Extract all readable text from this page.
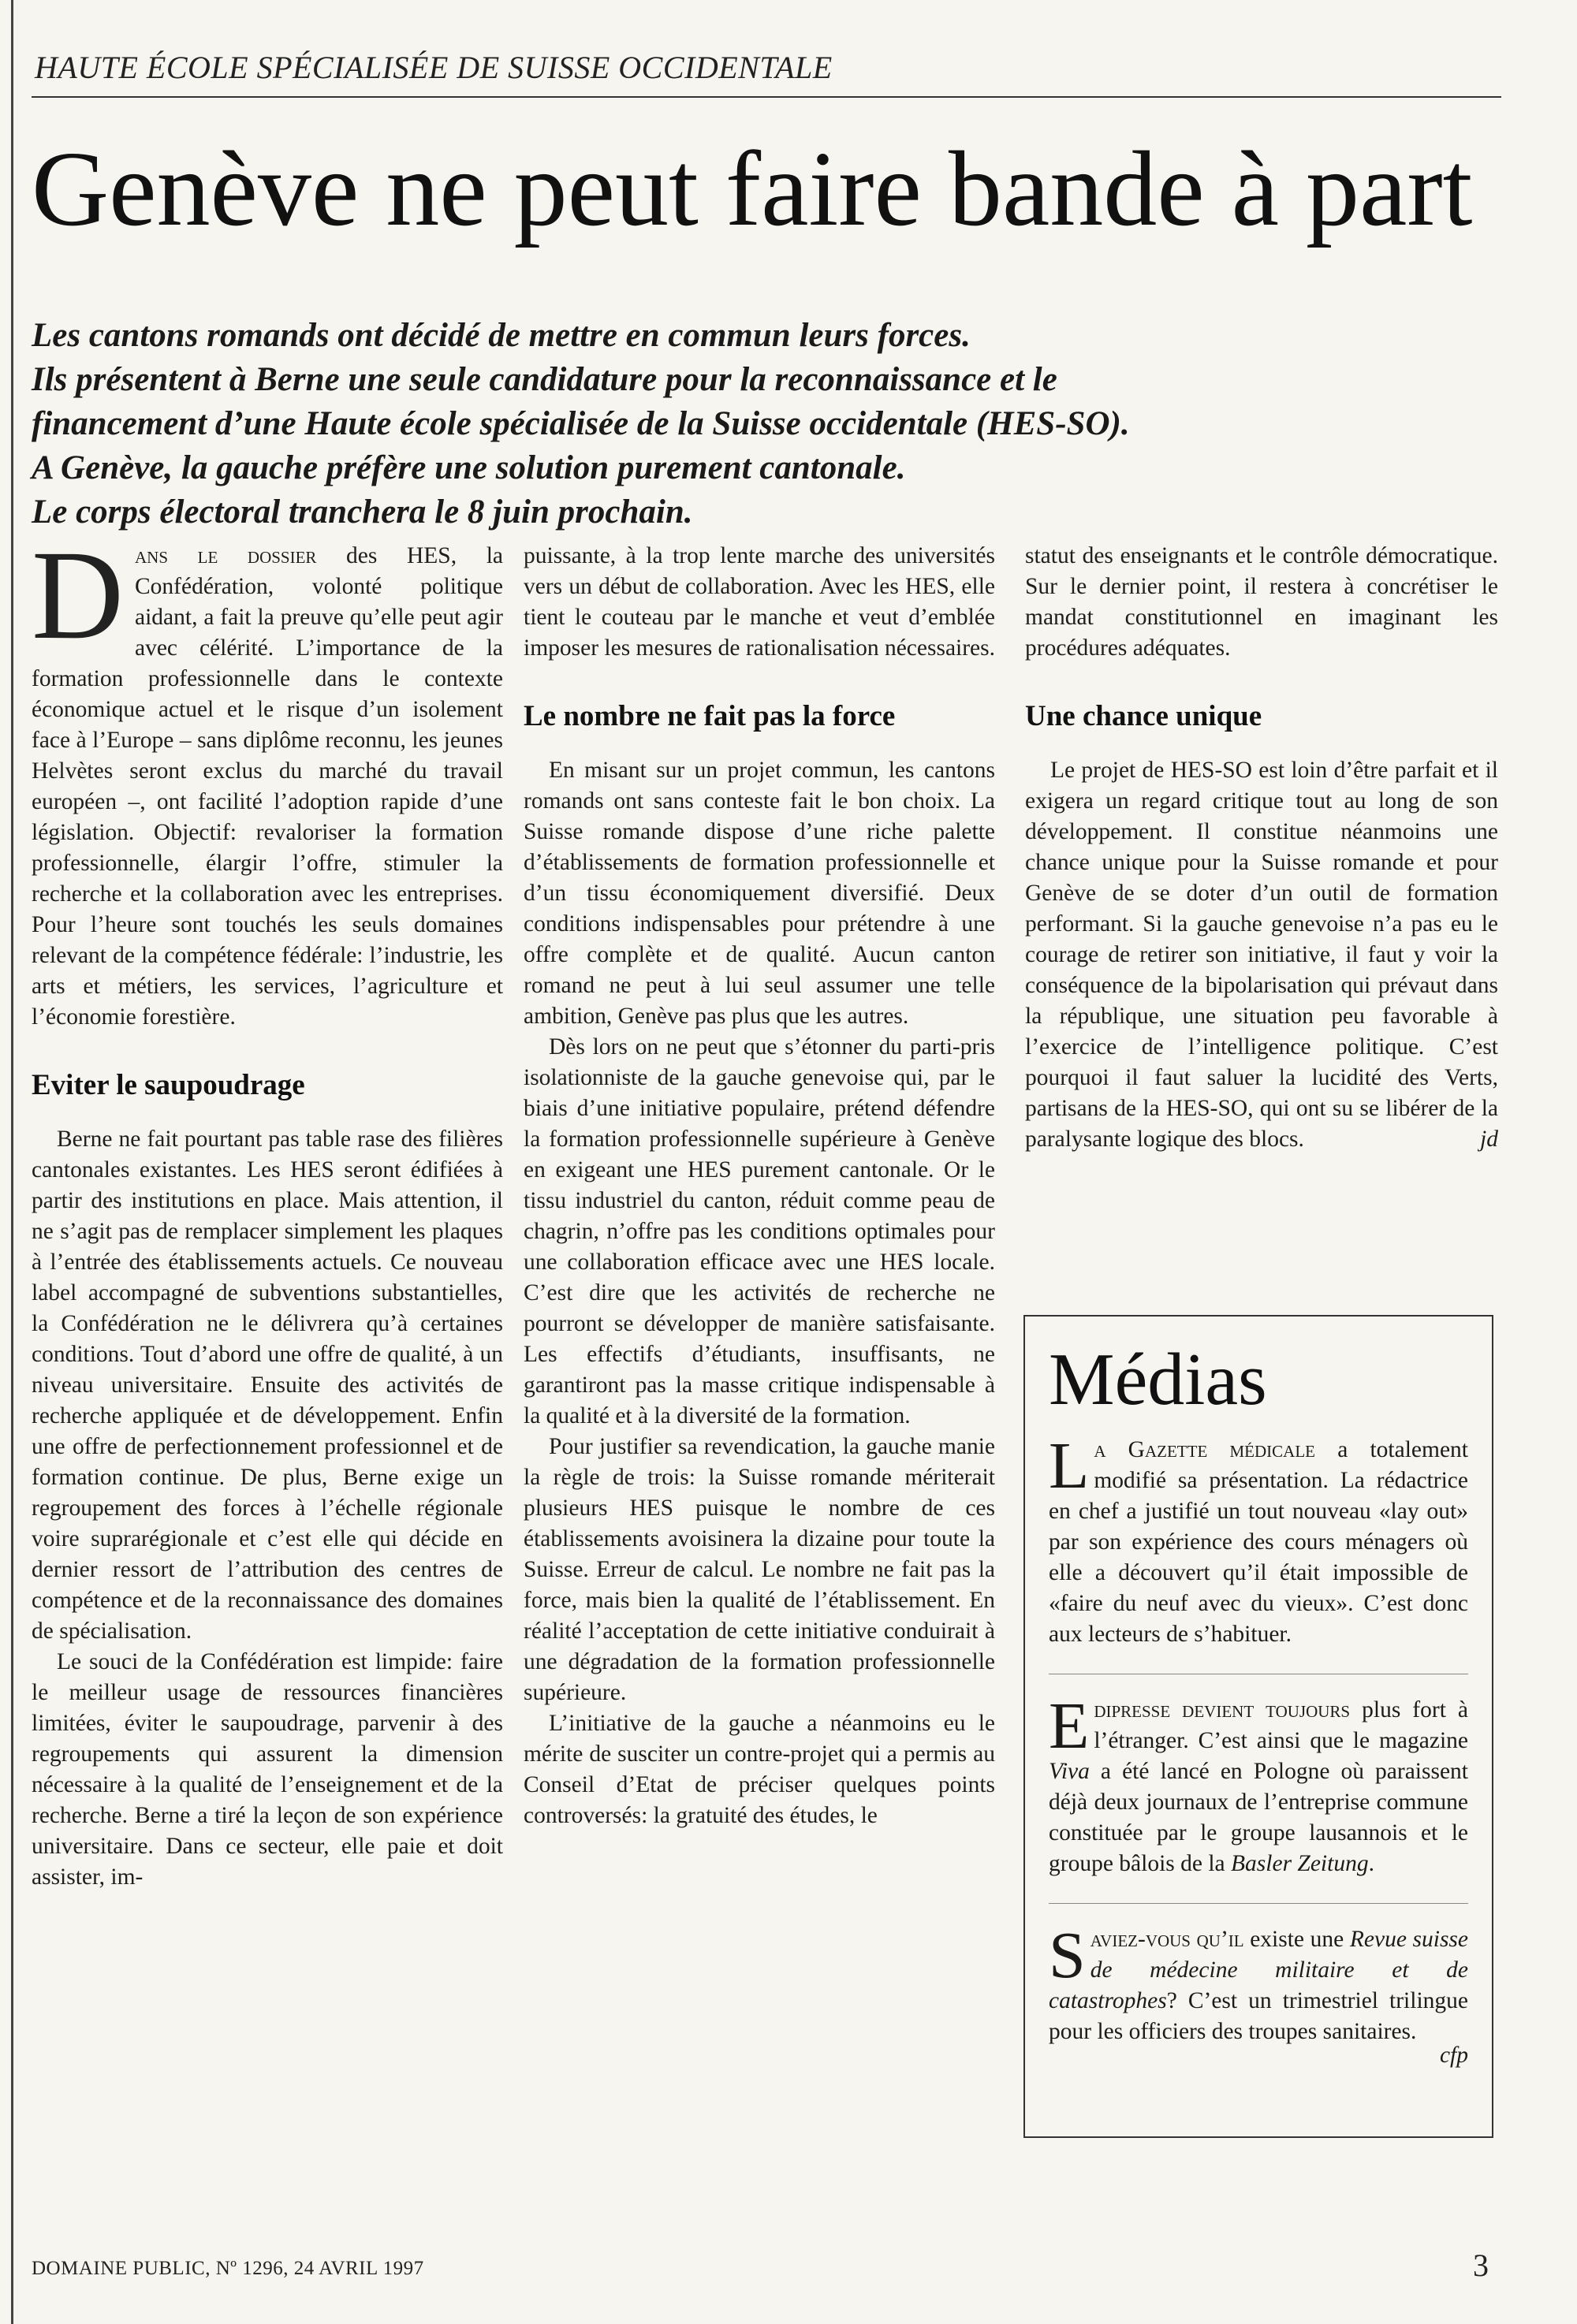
HAUTE ÉCOLE SPÉCIALISÉE DE SUISSE OCCIDENTALE
Genève ne peut faire bande à part

Les cantons romands ont décidé de mettre en commun leurs forces.

Ils présentent à Berne une seule candidature pour la reconnaissance et le

financement d’une Haute école spécialisée de la Suisse occidentale (HES-SO).

A Genève, la gauche préfère une solution purement cantonale.

Le corps électoral tranchera le 8 juin prochain.

Dans le dossier des HES, la Confédération, volonté politique aidant, a fait la preuve qu’elle peut agir avec célérité. L’importance de la formation professionnelle dans le contexte économique actuel et le risque d’un isolement face à l’Europe – sans diplôme reconnu, les jeunes Helvètes seront exclus du marché du travail européen –, ont facilité l’adoption rapide d’une législation. Objectif: revaloriser la formation professionnelle, élargir l’offre, stimuler la recherche et la collaboration avec les entreprises. Pour l’heure sont touchés les seuls domaines relevant de la compétence fédérale: l’industrie, les arts et métiers, les services, l’agriculture et l’économie forestière.

Eviter le saupoudrage

Berne ne fait pourtant pas table rase des filières cantonales existantes. Les HES seront édifiées à partir des institutions en place. Mais attention, il ne s’agit pas de remplacer simplement les plaques à l’entrée des établissements actuels. Ce nouveau label accompagné de subventions substantielles, la Confédération ne le délivrera qu’à certaines conditions. Tout d’abord une offre de qualité, à un niveau universitaire. Ensuite des activités de recherche appliquée et de développement. Enfin une offre de perfectionnement professionnel et de formation continue. De plus, Berne exige un regroupement des forces à l’échelle régionale voire suprarégionale et c’est elle qui décide en dernier ressort de l’attribution des centres de compétence et de la reconnaissance des domaines de spécialisation.

Le souci de la Confédération est limpide: faire le meilleur usage de ressources financières limitées, éviter le saupoudrage, parvenir à des regroupements qui assurent la dimension nécessaire à la qualité de l’enseignement et de la recherche. Berne a tiré la leçon de son expérience universitaire. Dans ce secteur, elle paie et doit assister, im-

puissante, à la trop lente marche des universités vers un début de collaboration. Avec les HES, elle tient le couteau par le manche et veut d’emblée imposer les mesures de rationalisation nécessaires.

Le nombre ne fait pas la force

En misant sur un projet commun, les cantons romands ont sans conteste fait le bon choix. La Suisse romande dispose d’une riche palette d’établissements de formation professionnelle et d’un tissu économiquement diversifié. Deux conditions indispensables pour prétendre à une offre complète et de qualité. Aucun canton romand ne peut à lui seul assumer une telle ambition, Genève pas plus que les autres.

Dès lors on ne peut que s’étonner du parti-pris isolationniste de la gauche genevoise qui, par le biais d’une initiative populaire, prétend défendre la formation professionnelle supérieure à Genève en exigeant une HES purement cantonale. Or le tissu industriel du canton, réduit comme peau de chagrin, n’offre pas les conditions optimales pour une collaboration efficace avec une HES locale. C’est dire que les activités de recherche ne pourront se développer de manière satisfaisante. Les effectifs d’étudiants, insuffisants, ne garantiront pas la masse critique indispensable à la qualité et à la diversité de la formation.

Pour justifier sa revendication, la gauche manie la règle de trois: la Suisse romande mériterait plusieurs HES puisque le nombre de ces établissements avoisinera la dizaine pour toute la Suisse. Erreur de calcul. Le nombre ne fait pas la force, mais bien la qualité de l’établissement. En réalité l’acceptation de cette initiative conduirait à une dégradation de la formation professionnelle supérieure.

L’initiative de la gauche a néanmoins eu le mérite de susciter un contre-projet qui a permis au Conseil d’Etat de préciser quelques points controversés: la gratuité des études, le

statut des enseignants et le contrôle démocratique. Sur le dernier point, il restera à concrétiser le mandat constitutionnel en imaginant les procédures adéquates.

Une chance unique

Le projet de HES-SO est loin d’être parfait et il exigera un regard critique tout au long de son développement. Il constitue néanmoins une chance unique pour la Suisse romande et pour Genève de se doter d’un outil de formation performant. Si la gauche genevoise n’a pas eu le courage de retirer son initiative, il faut y voir la conséquence de la bipolarisation qui prévaut dans la république, une situation peu favorable à l’exercice de l’intelligence politique. C’est pourquoi il faut saluer la lucidité des Verts, partisans de la HES-SO, qui ont su se libérer de la paralysante logique des blocs.	jd
Médias

La Gazette médicale a totalement modifié sa présentation. La rédactrice en chef a justifié un tout nouveau «lay out» par son expérience des cours ménagers où elle a découvert qu’il était impossible de «faire du neuf avec du vieux». C’est donc aux lecteurs de s’habituer.

Edipresse devient toujours plus fort à l’étranger. C’est ainsi que le magazine Viva a été lancé en Pologne où paraissent déjà deux journaux de l’entreprise commune constituée par le groupe lausannois et le groupe bâlois de la Basler Zeitung.

Saviez-vous qu’il existe une Revue suisse de médecine militaire et de catastrophes? C’est un trimestriel trilingue pour les officiers des troupes sanitaires.

cfp
DOMAINE PUBLIC, Nº 1296, 24 AVRIL 1997	3
